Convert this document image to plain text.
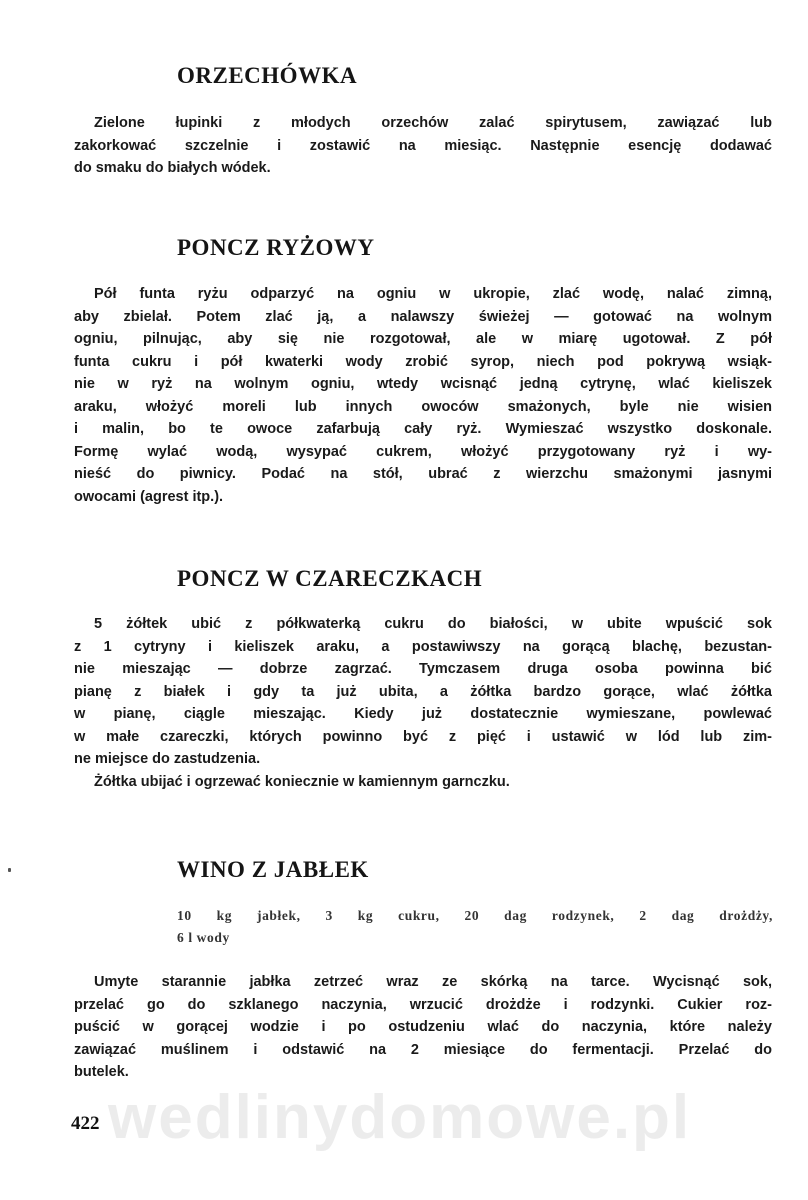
ORZECHÓWKA
Zielone łupinki z młodych orzechów zalać spirytusem, zawiązać lub
zakorkować szczelnie i zostawić na miesiąc. Następnie esencję dodawać
do smaku do białych wódek.
PONCZ RYŻOWY
Pół funta ryżu odparzyć na ogniu w ukropie, zlać wodę, nalać zimną,
aby zbielał. Potem zlać ją, a nalawszy świeżej — gotować na wolnym
ogniu, pilnując, aby się nie rozgotował, ale w miarę ugotował. Z pół
funta cukru i pół kwaterki wody zrobić syrop, niech pod pokrywą wsiąk-
nie w ryż na wolnym ogniu, wtedy wcisnąć jedną cytrynę, wlać kieliszek
araku, włożyć moreli lub innych owoców smażonych, byle nie wisien
i malin, bo te owoce zafarbują cały ryż. Wymieszać wszystko doskonale.
Formę wylać wodą, wysypać cukrem, włożyć przygotowany ryż i wy-
nieść do piwnicy. Podać na stół, ubrać z wierzchu smażonymi jasnymi
owocami (agrest itp.).
PONCZ W CZARECZKACH
5 żółtek ubić z półkwaterką cukru do białości, w ubite wpuścić sok
z 1 cytryny i kieliszek araku, a postawiwszy na gorącą blachę, bezustan-
nie mieszając — dobrze zagrzać. Tymczasem druga osoba powinna bić
pianę z białek i gdy ta już ubita, a żółtka bardzo gorące, wlać żółtka
w pianę, ciągle mieszając. Kiedy już dostatecznie wymieszane, powlewać
w małe czareczki, których powinno być z pięć i ustawić w lód lub zim-
ne miejsce do zastudzenia.
Żółtka ubijać i ogrzewać koniecznie w kamiennym garnczku.
WINO Z JABŁEK
10 kg jabłek, 3 kg cukru, 20 dag rodzynek, 2 dag drożdży,
6 l wody
Umyte starannie jabłka zetrzeć wraz ze skórką na tarce. Wycisnąć sok,
przelać go do szklanego naczynia, wrzucić drożdże i rodzynki. Cukier roz-
puścić w gorącej wodzie i po ostudzeniu wlać do naczynia, które należy
zawiązać muślinem i odstawić na 2 miesiące do fermentacji. Przelać do
butelek.
wedlinydomowe.pl
422
